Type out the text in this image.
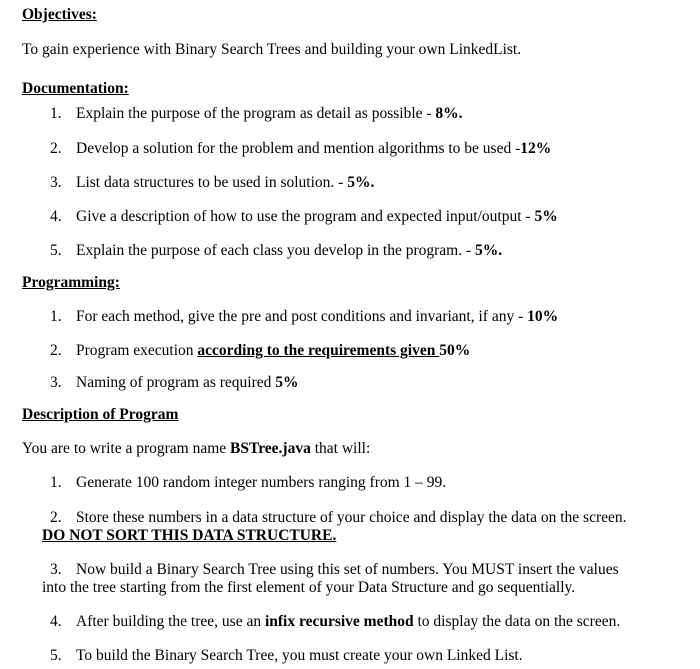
Objectives:
To gain experience with Binary Search Trees and building your own LinkedList.
Documentation:
1. Explain the purpose of the program as detail as possible - 8%.
2. Develop a solution for the problem and mention algorithms to be used -12%
3. List data structures to be used in solution. - 5%.
4. Give a description of how to use the program and expected input/output - 5%
5. Explain the purpose of each class you develop in the program. - 5%.
Programming:
1. For each method, give the pre and post conditions and invariant, if any - 10%
2. Program execution according to the requirements given 50%
3. Naming of program as required 5%
Description of Program
You are to write a program name BSTree.java that will:
1. Generate 100 random integer numbers ranging from 1 – 99.
2. Store these numbers in a data structure of your choice and display the data on the screen.
DO NOT SORT THIS DATA STRUCTURE.
3. Now build a Binary Search Tree using this set of numbers. You MUST insert the values
into the tree starting from the first element of your Data Structure and go sequentially.
4. After building the tree, use an infix recursive method to display the data on the screen.
5. To build the Binary Search Tree, you must create your own Linked List.
